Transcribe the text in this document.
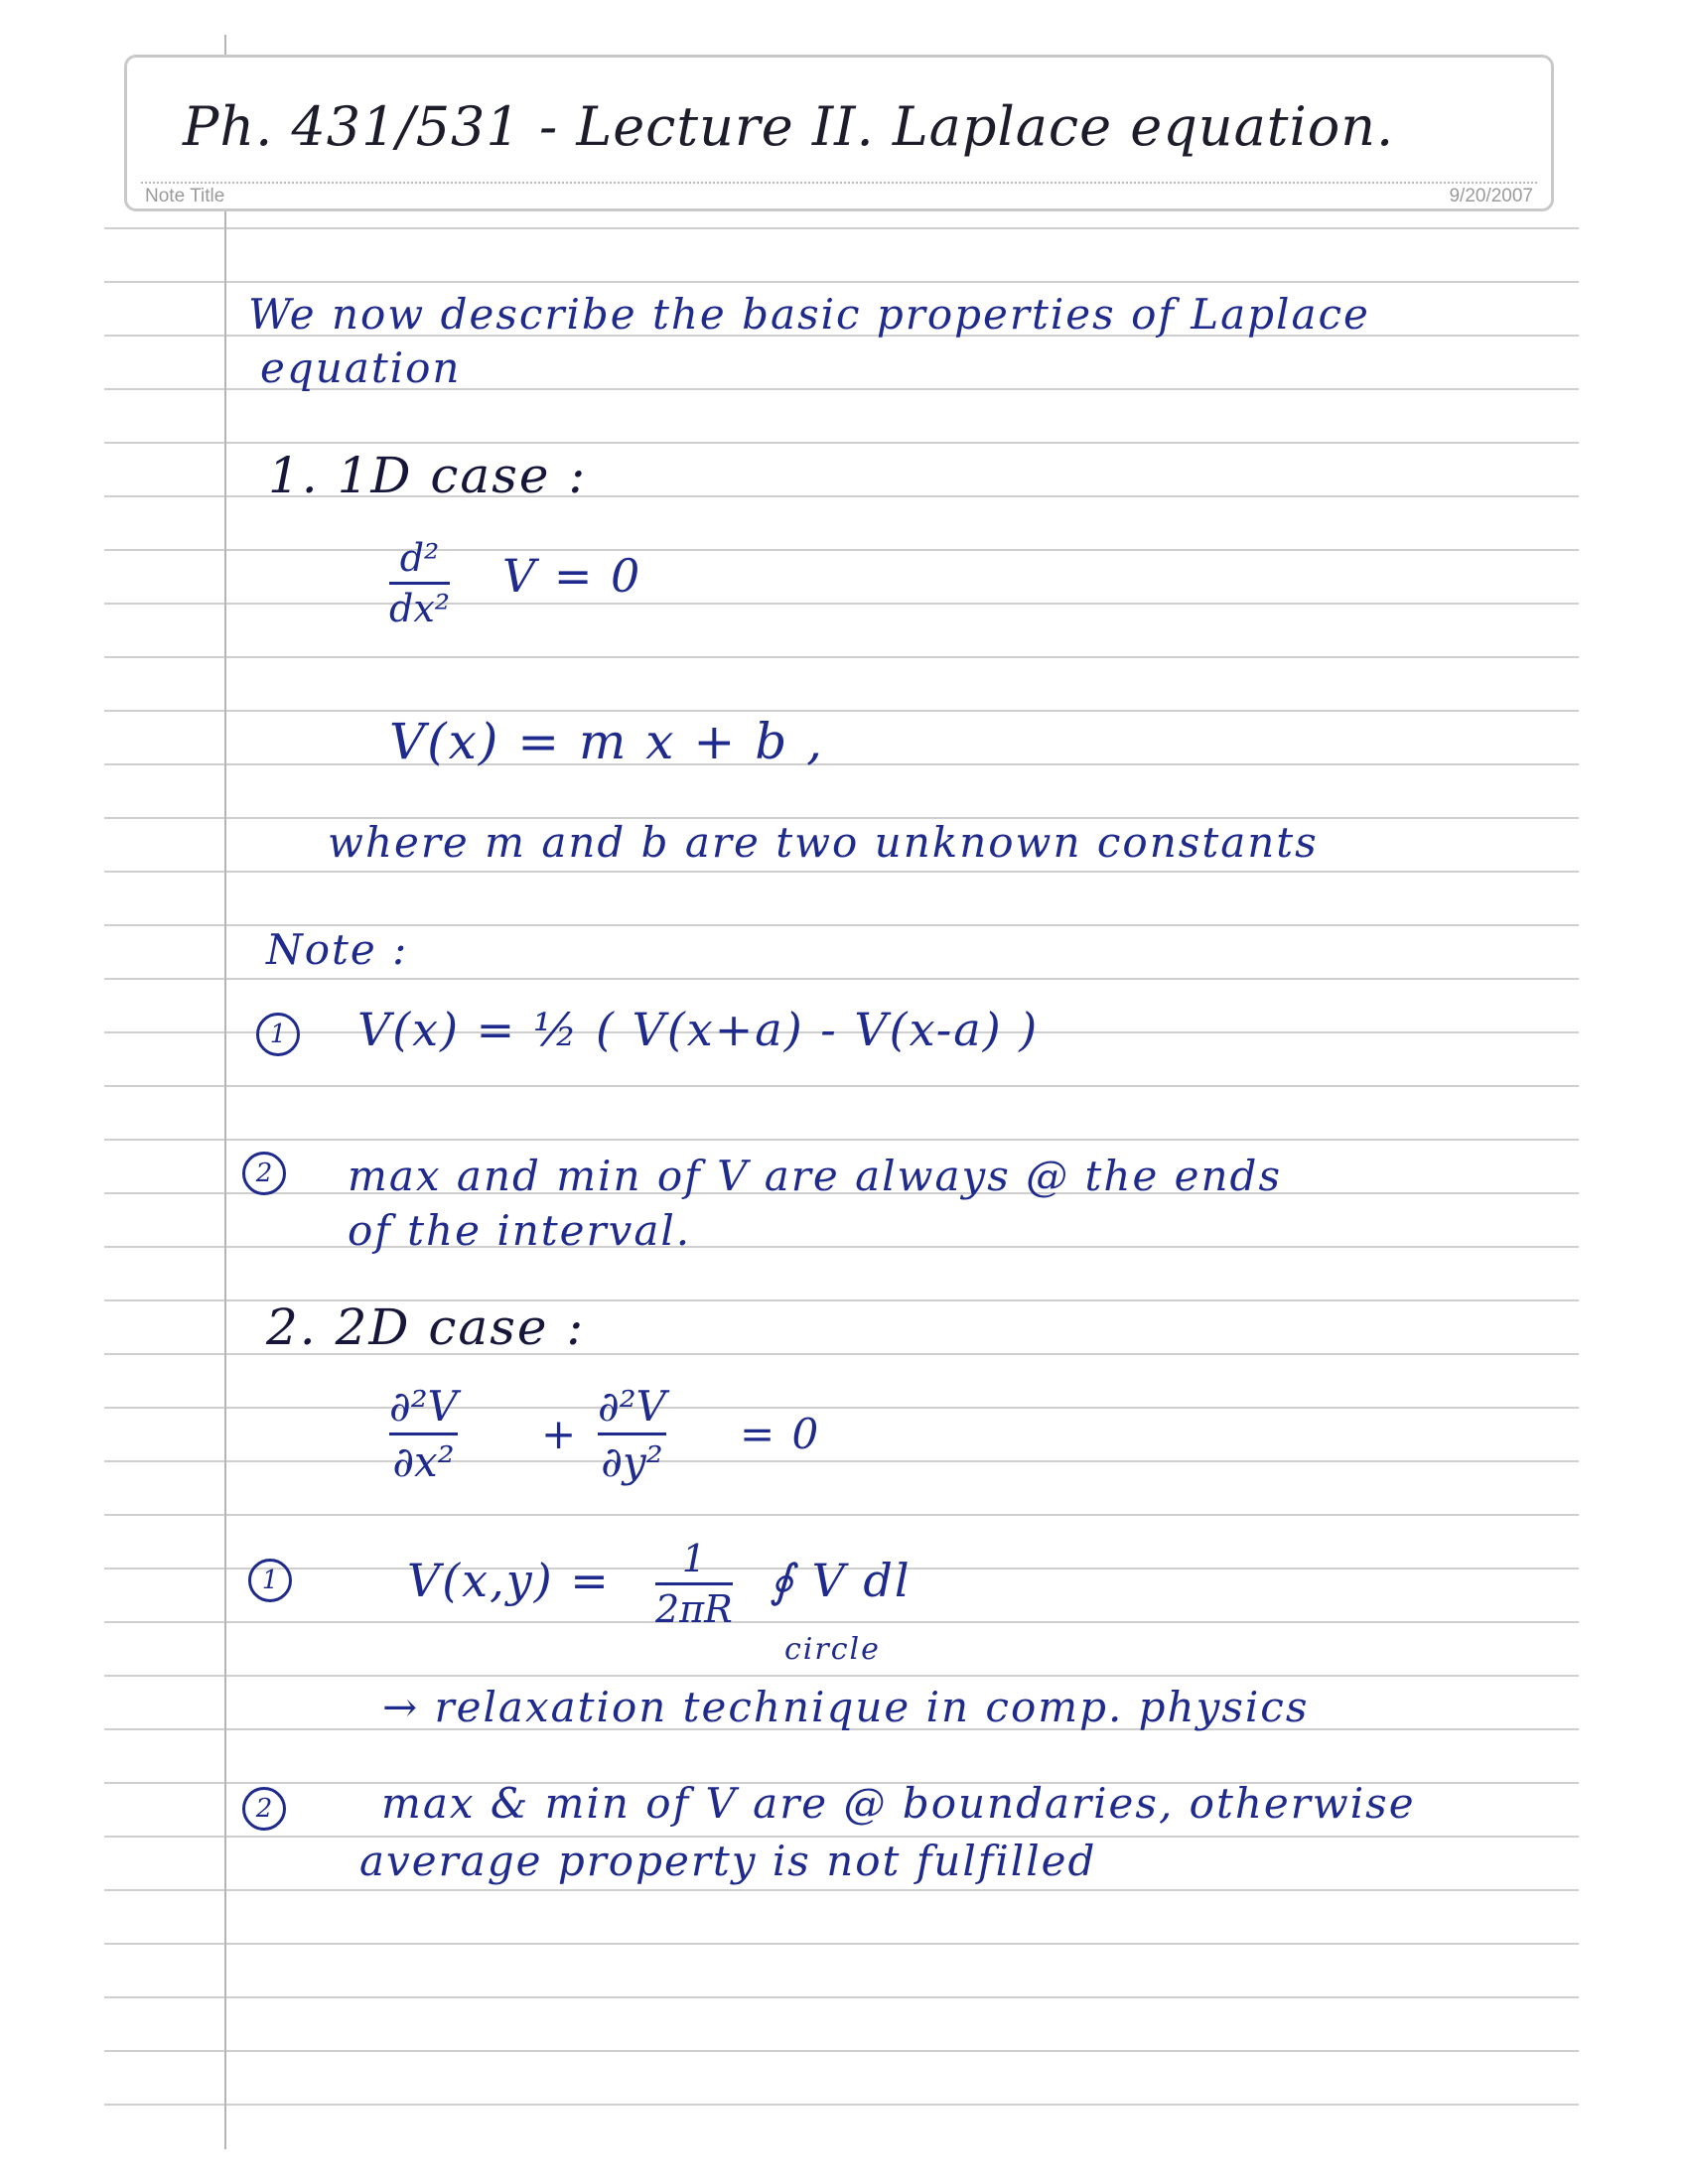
Ph. 431/531 - Lecture II. Laplace equation.
Note Title	9/20/2007
We now describe the basic properties of Laplace
equation
1. 1D case :
d²
dx²
V = 0
V(x) = m x + b ,
where m and b are two unknown constants
Note :
1 V(x) = ½ ( V(x+a) - V(x-a) )
2	max and min of V are always @ the ends
of the interval.
2. 2D case :
∂²V
∂x²
+
∂²V
∂y²
= 0
1	V(x,y) =	1
2πR
∮ V dl
circle
→ relaxation technique in comp. physics
2	max & min of V are @ boundaries, otherwise
average property is not fulfilled
